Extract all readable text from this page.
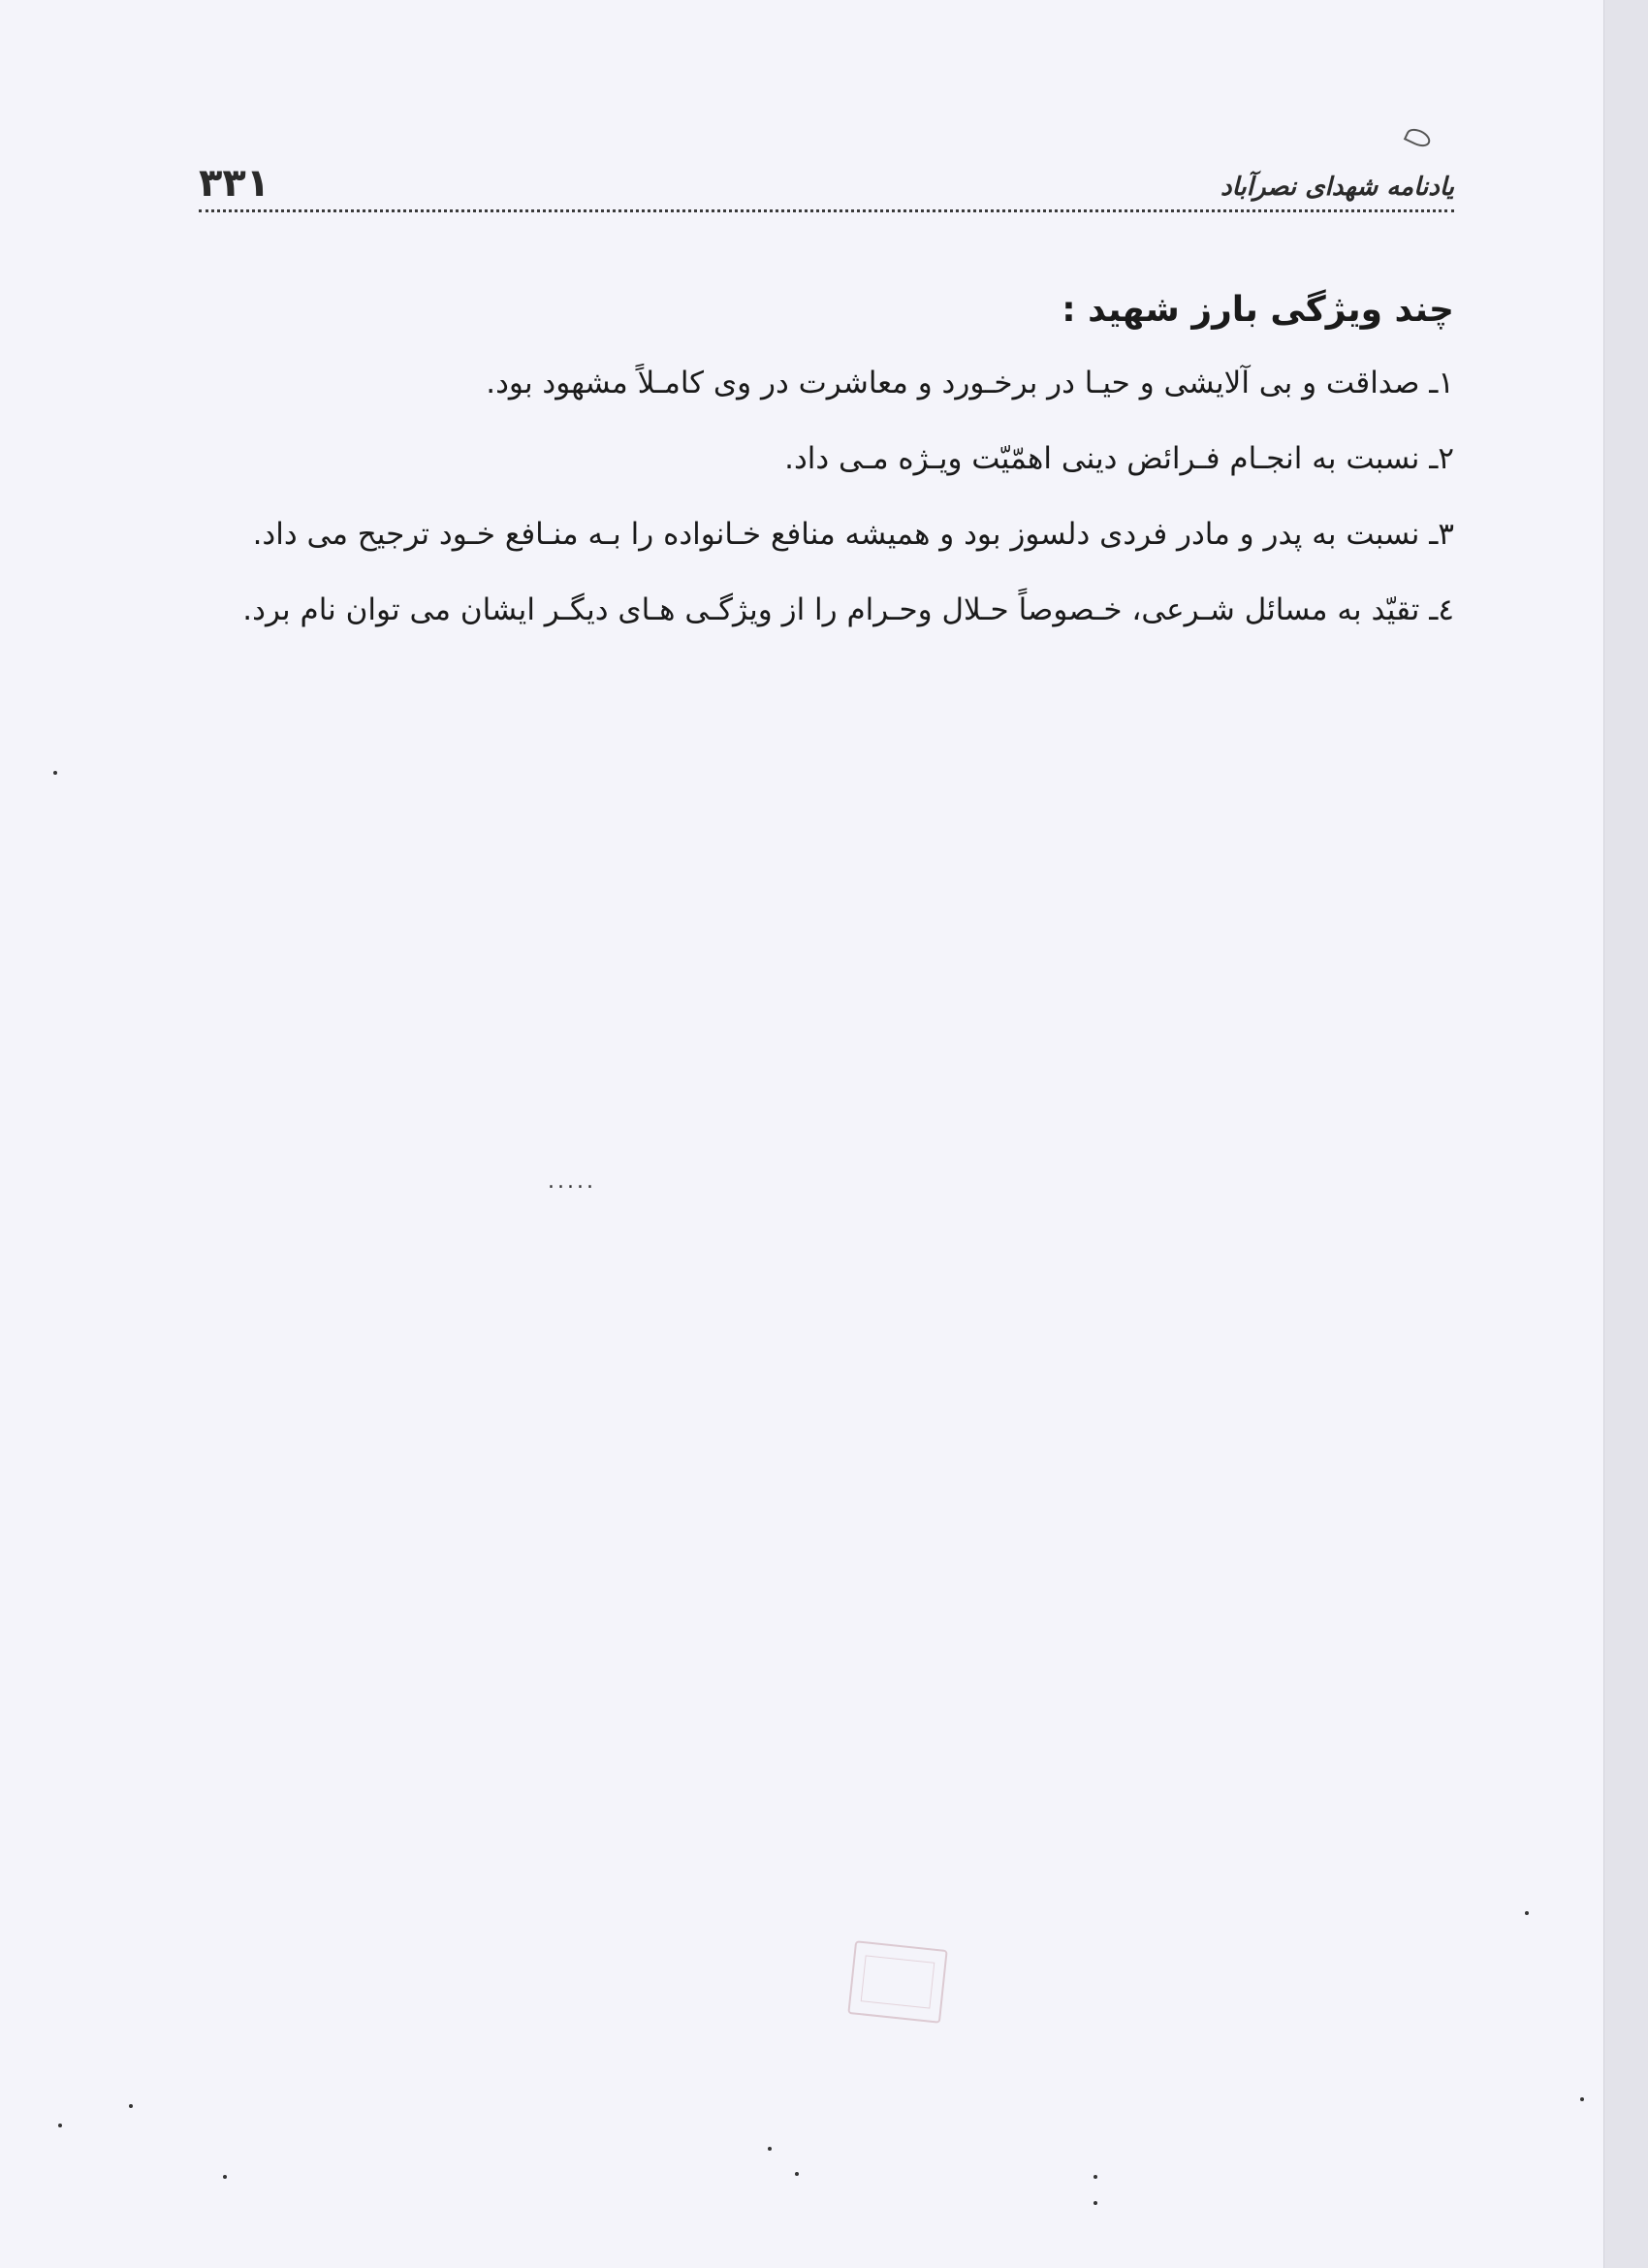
یادنامه شهدای نصرآباد
۳۳۱

چند ویژگی بارز شهید :

۱ـ صداقت و بی آلایشی و حیـا در برخـورد و معاشرت در وی کامـلاً مشهود بود.

۲ـ نسبت به انجـام فـرائض دینی اهمّیّت ویـژه مـی داد.

۳ـ نسبت به پدر و مادر فردی دلسوز بود و همیشه منافع خـانواده را بـه منـافع خـود ترجیح می داد.

٤ـ تقیّد به مسائل شـرعی، خـصوصاً حـلال وحـرام را از ویژگـی هـای دیگـر ایشان می توان نام برد.

.....
